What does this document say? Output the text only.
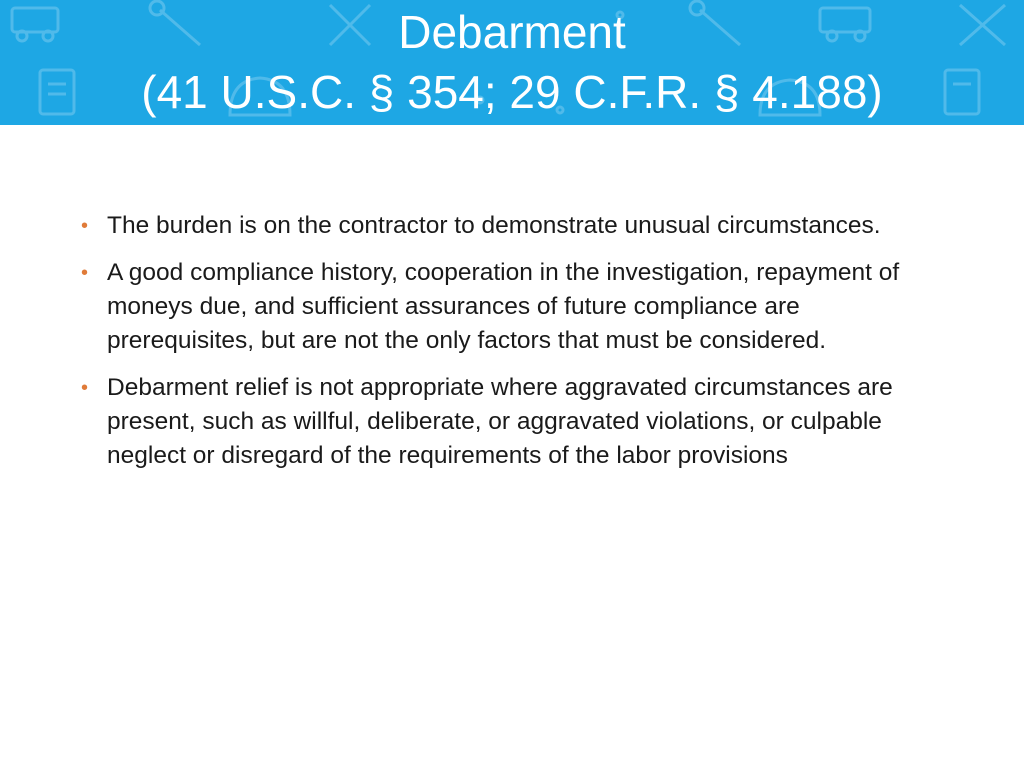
Debarment
(41 U.S.C. § 354; 29 C.F.R. § 4.188)
• The burden is on the contractor to demonstrate unusual circumstances.
• A good compliance history, cooperation in the investigation, repayment of moneys due, and sufficient assurances of future compliance are prerequisites, but are not the only factors that must be considered.
• Debarment relief is not appropriate where aggravated circumstances are present, such as willful, deliberate, or aggravated violations, or culpable neglect or disregard of the requirements of the labor provisions
